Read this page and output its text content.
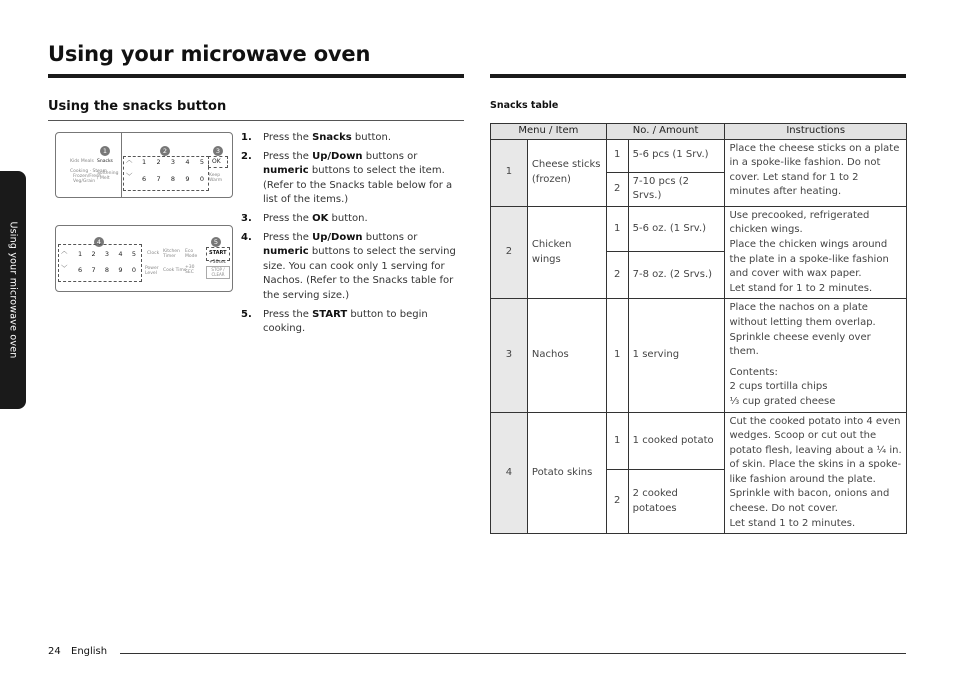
Using your microwave oven
Using your microwave oven
Using the snacks button
1	2	3
Kids Meals Snacks
Cooking · Steam
Frozen/Fresh
Veg/Grain
Softening / Melt
︿
﹀
1 2 3 4 5
6 7 8 9 0
OK
Keep Warm
4	5
︿
﹀
1 2 3 4 5
6 7 8 9 0
Clock Kitchen Timer
Eco Mode
Power Level
Cook Time
+30 SEC
START
+30sec
STOP / CLEAR
1. Press the Snacks button.
2. Press the Up/Down buttons or numeric buttons to select the item. (Refer to the Snacks table below for a list of the items.)
3. Press the OK button.
4. Press the Up/Down buttons or numeric buttons to select the serving size. You can cook only 1 serving for Nachos. (Refer to the Snacks table for the serving size.)
5. Press the START button to begin cooking.
Snacks table
Menu / Item		No. / Amount		Instructions
1	Cheese sticks (frozen)	1	5-6 pcs (1 Srv.)	Place the cheese sticks on a plate in a spoke-like fashion. Do not cover. Let stand for 1 to 2 minutes after heating.

		2	7-10 pcs (2 Srvs.)	
2	Chicken wings	1	5-6 oz. (1 Srv.)	Use precooked, refrigerated chicken wings.
Place the chicken wings around the plate in a spoke-like fashion and cover with wax paper.
Let stand for 1 to 2 minutes.

		2	7-8 oz. (2 Srvs.)	
3	Nachos	1	1 serving	Place the nachos on a plate without letting them overlap. Sprinkle cheese evenly over them.
Contents:
2 cups tortilla chips
⅓ cup grated cheese

4	Potato skins	1	1 cooked potato	Cut the cooked potato into 4 even wedges. Scoop or cut out the potato flesh, leaving about a ¼ in. of skin. Place the skins in a spoke-like fashion around the plate.
Sprinkle with bacon, onions and cheese. Do not cover.
Let stand 1 to 2 minutes.

		2	2 cooked potatoes	
24 English
